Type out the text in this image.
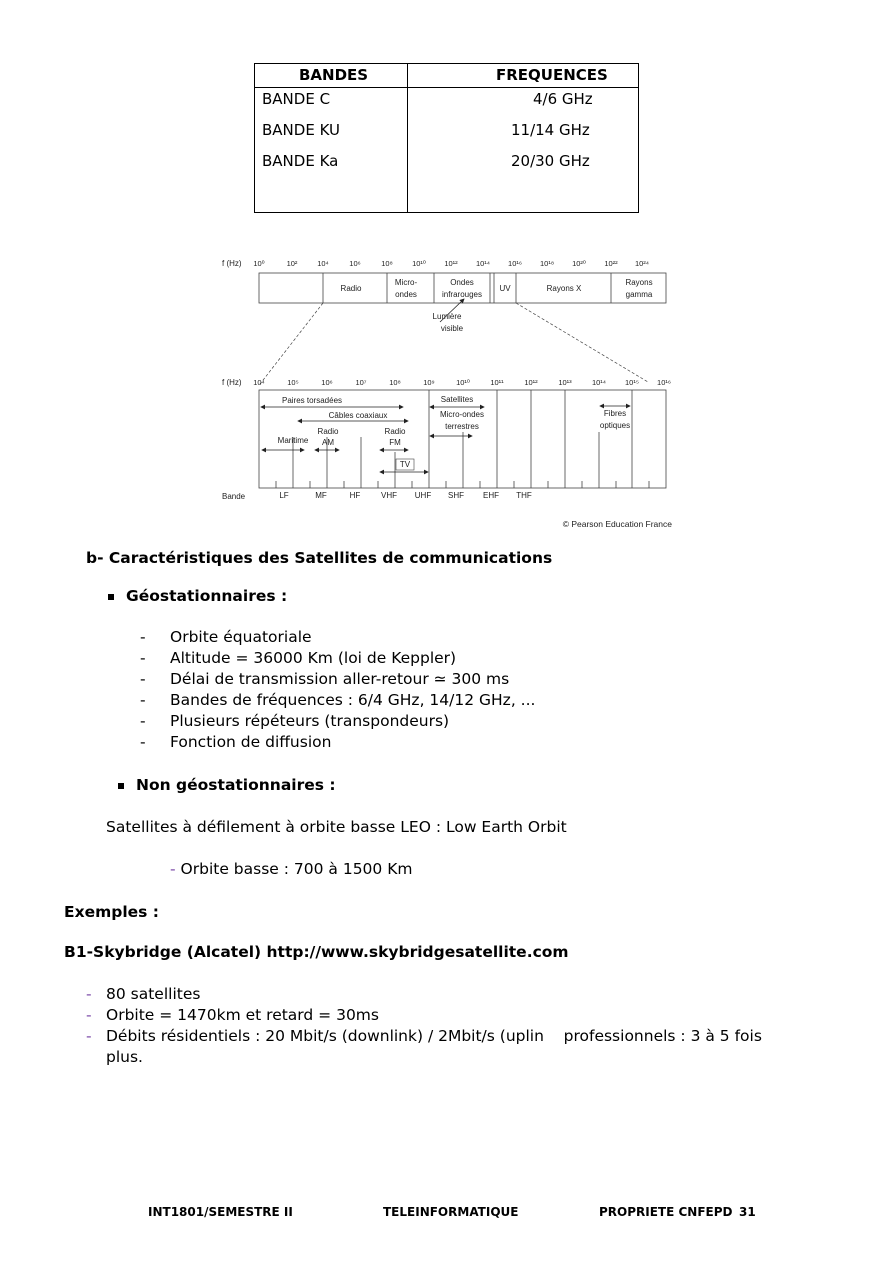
BANDES	FREQUENCES
BANDE C	4/6 GHz
BANDE KU	11/14 GHz
BANDE Ka	20/30 GHz
f (Hz) 10⁰	10²	10⁴	10⁶	10⁸	10¹⁰ 10¹² 10¹⁴ 10¹⁶ 10¹⁸ 10²⁰ 10²² 10²⁴
Radio
Micro-
ondes
Ondes
infrarouges
UV	Rayons X
Rayons
gamma
Lumière
visible
f (Hz) 10⁴	10⁵	10⁶	10⁷	10⁸	10⁹	10¹⁰	10¹¹	10¹²	10¹³	10¹⁴	10¹⁵ 10¹⁶
Paires torsadées
Câbles coaxiaux
Satellites
Micro-ondes
terrestres
Fibres
optiques
Radio
AM
Radio
FM
Maritime
TV
Bande	LF	MF	HF	VHF UHF SHF EHF THF
© Pearson Education France
b- Caractéristiques des Satellites de communications
Géostationnaires :
- Orbite équatoriale
- Altitude = 36000 Km (loi de Keppler)
- Délai de transmission aller-retour ≃ 300 ms
- Bandes de fréquences : 6/4 GHz, 14/12 GHz, ...
- Plusieurs répéteurs (transpondeurs)
- Fonction de diffusion
Non géostationnaires :
Satellites à défilement à orbite basse LEO : Low Earth Orbit
- Orbite basse : 700 à 1500 Km
Exemples :
B1-Skybridge (Alcatel) http://www.skybridgesatellite.com
- 80 satellites
- Orbite = 1470km et retard = 30ms
- Débits résidentiels : 20 Mbit/s (downlink) / 2Mbit/s (uplin    professionnels : 3 à 5 fois
plus.
INT1801/SEMESTRE II	TELEINFORMATIQUE	PROPRIETE CNFEPD 31
